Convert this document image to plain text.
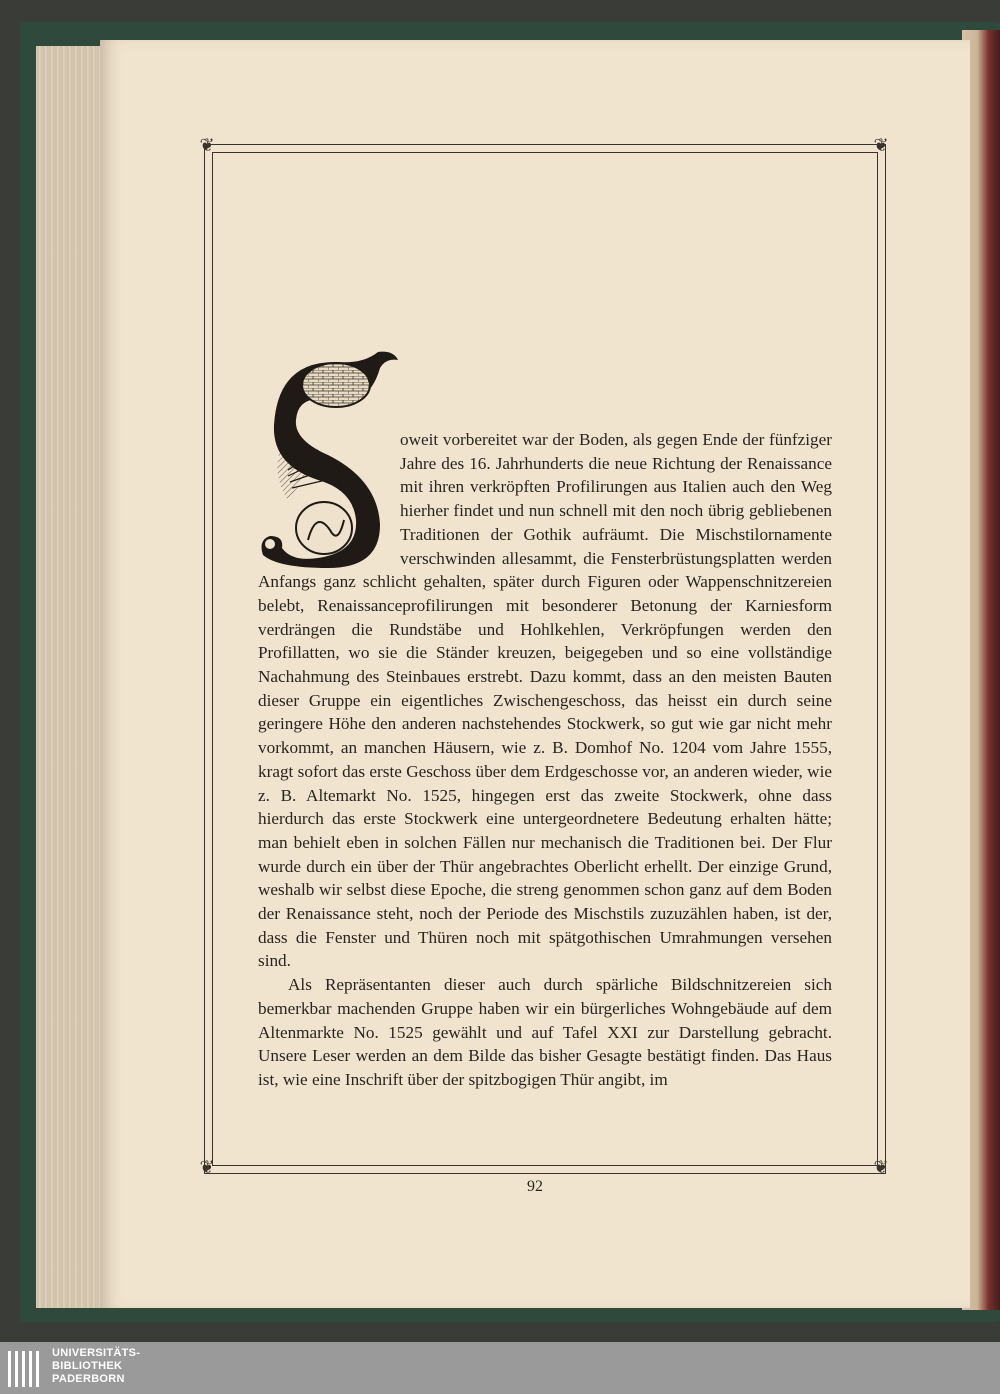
❦	❦
❦	❦

oweit vorbereitet war der Boden, als gegen Ende der fünfziger Jahre des 16. Jahrhunderts die neue Richtung der Renaissance mit ihren verkröpften Profilirungen aus Italien auch den Weg hierher findet und nun schnell mit den noch übrig gebliebenen Traditionen der Gothik aufräumt. Die Mischstilornamente verschwinden allesammt, die Fensterbrüstungsplatten werden Anfangs ganz schlicht gehalten, später durch Figuren oder Wappenschnitzereien belebt, Renaissanceprofilirungen mit besonderer Betonung der Karniesform verdrängen die Rundstäbe und Hohlkehlen, Verkröpfungen werden den Profillatten, wo sie die Ständer kreuzen, beigegeben und so eine vollständige Nachahmung des Steinbaues erstrebt. Dazu kommt, dass an den meisten Bauten dieser Gruppe ein eigentliches Zwischengeschoss, das heisst ein durch seine geringere Höhe den anderen nachstehendes Stockwerk, so gut wie gar nicht mehr vorkommt, an manchen Häusern, wie z. B. Domhof No. 1204 vom Jahre 1555, kragt sofort das erste Geschoss über dem Erdgeschosse vor, an anderen wieder, wie z. B. Altemarkt No. 1525, hingegen erst das zweite Stockwerk, ohne dass hierdurch das erste Stockwerk eine untergeordnetere Bedeutung erhalten hätte; man behielt eben in solchen Fällen nur mechanisch die Traditionen bei. Der Flur wurde durch ein über der Thür angebrachtes Oberlicht erhellt. Der einzige Grund, weshalb wir selbst diese Epoche, die streng genommen schon ganz auf dem Boden der Renaissance steht, noch der Periode des Mischstils zuzuzählen haben, ist der, dass die Fenster und Thüren noch mit spätgothischen Umrahmungen versehen sind.

Als Repräsentanten dieser auch durch spärliche Bildschnitzereien sich bemerkbar machenden Gruppe haben wir ein bürgerliches Wohngebäude auf dem Altenmarkte No. 1525 gewählt und auf Tafel XXI zur Darstellung gebracht. Unsere Leser werden an dem Bilde das bisher Gesagte bestätigt finden. Das Haus ist, wie eine Inschrift über der spitzbogigen Thür angibt, im

92
UNIVERSITÄTS-
BIBLIOTHEK
PADERBORN
